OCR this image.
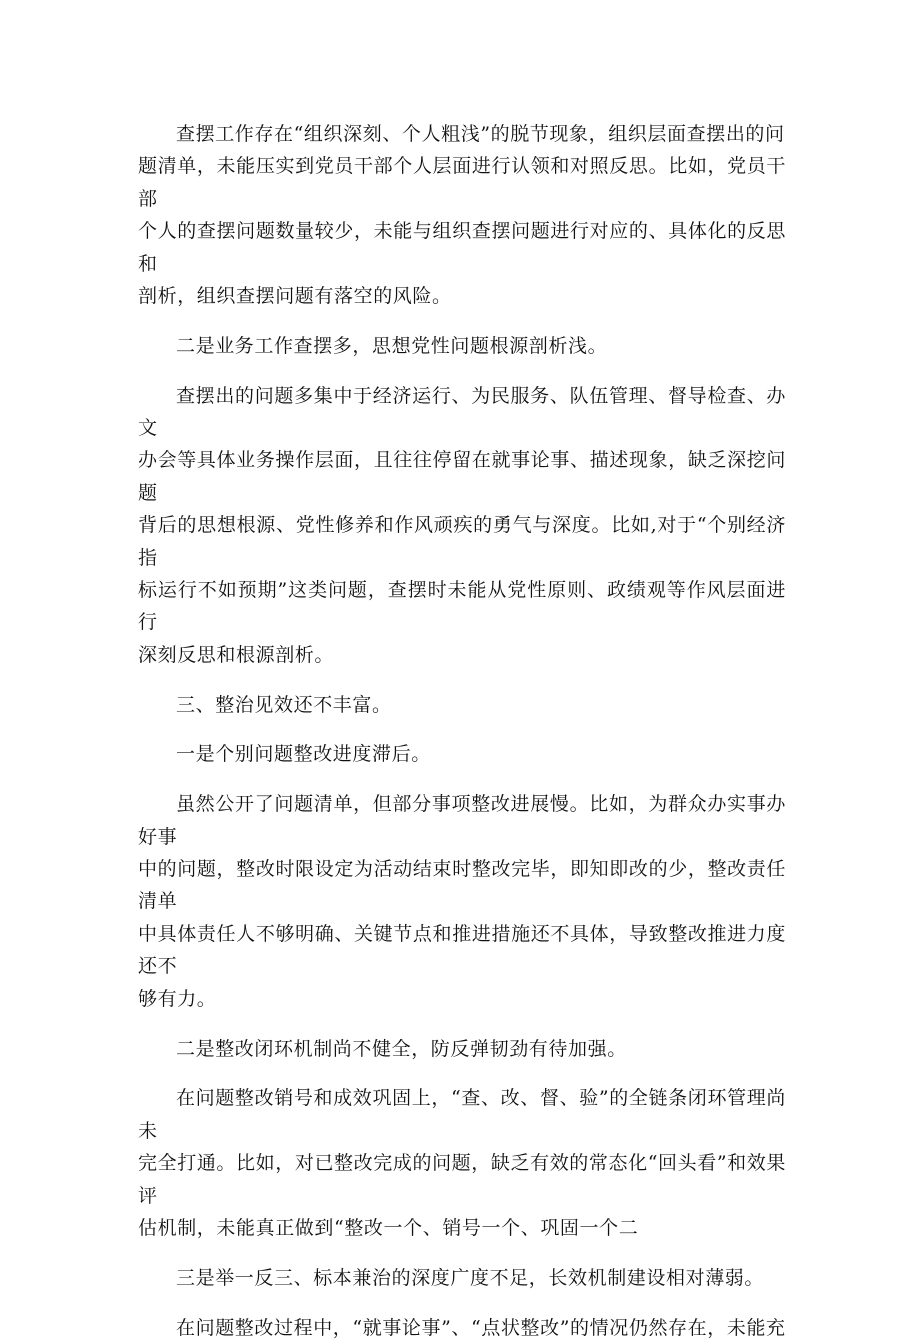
查摆工作存在“组织深刻、个人粗浅”的脱节现象，组织层面查摆出的问
题清单，未能压实到党员干部个人层面进行认领和对照反思。比如，党员干部
个人的查摆问题数量较少，未能与组织查摆问题进行对应的、具体化的反思和
剖析，组织查摆问题有落空的风险。

二是业务工作查摆多，思想党性问题根源剖析浅。

查摆出的问题多集中于经济运行、为民服务、队伍管理、督导检查、办文
办会等具体业务操作层面，且往往停留在就事论事、描述现象，缺乏深挖问题
背后的思想根源、党性修养和作风顽疾的勇气与深度。比如,对于“个别经济指
标运行不如预期”这类问题，查摆时未能从党性原则、政绩观等作风层面进行
深刻反思和根源剖析。

三、整治见效还不丰富。

一是个别问题整改进度滞后。

虽然公开了问题清单，但部分事项整改进展慢。比如，为群众办实事办好事
中的问题，整改时限设定为活动结束时整改完毕，即知即改的少，整改责任清单
中具体责任人不够明确、关键节点和推进措施还不具体，导致整改推进力度还不
够有力。

二是整改闭环机制尚不健全，防反弹韧劲有待加强。

在问题整改销号和成效巩固上，“查、改、督、验”的全链条闭环管理尚未
完全打通。比如，对已整改完成的问题，缺乏有效的常态化“回头看”和效果评
估机制，未能真正做到“整改一个、销号一个、巩固一个二

三是举一反三、标本兼治的深度广度不足，长效机制建设相对薄弱。

在问题整改过程中，“就事论事”、“点状整改”的情况仍然存在，未能充
